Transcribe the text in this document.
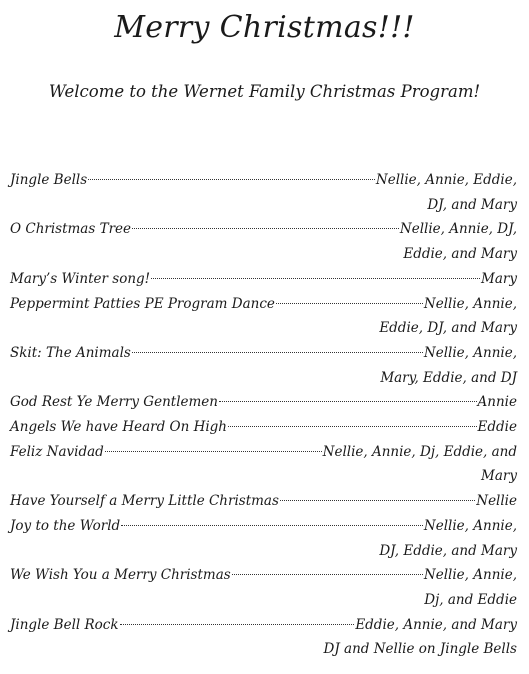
Merry Christmas!!!
Welcome to the Wernet Family Christmas Program!
Jingle Bells	Nellie, Annie, Eddie,
DJ, and Mary
O Christmas Tree	Nellie, Annie, DJ,
Eddie, and Mary
Mary’s Winter song!	Mary
Peppermint Patties PE Program Dance	Nellie, Annie,
Eddie, DJ, and Mary
Skit: The Animals	Nellie, Annie,
Mary, Eddie, and DJ
God Rest Ye Merry Gentlemen	Annie
Angels We have Heard On High	Eddie
Feliz Navidad	Nellie, Annie, Dj, Eddie, and
Mary
Have Yourself a Merry Little Christmas	Nellie
Joy to the World	Nellie, Annie,
DJ, Eddie, and Mary
We Wish You a Merry Christmas	Nellie, Annie,
Dj, and Eddie
Jingle Bell Rock	Eddie, Annie, and Mary
DJ and Nellie on Jingle Bells
